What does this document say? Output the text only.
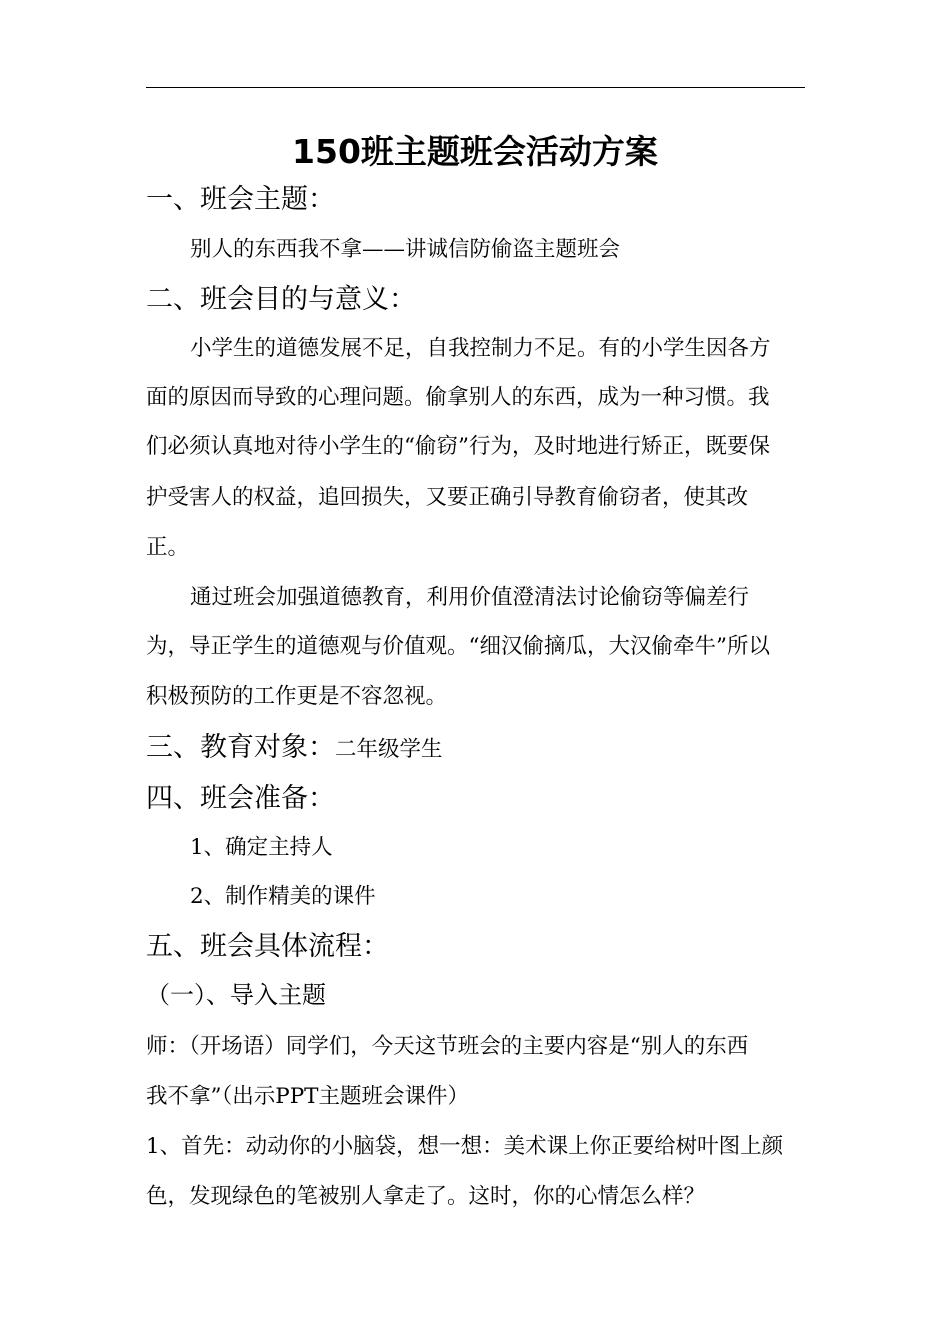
150班主题班会活动方案
一、班会主题：
别人的东西我不拿——讲诚信防偷盗主题班会
二、班会目的与意义：
小学生的道德发展不足，自我控制力不足。有的小学生因各方
面的原因而导致的心理问题。偷拿别人的东西，成为一种习惯。我
们必须认真地对待小学生的“偷窃”行为，及时地进行矫正，既要保
护受害人的权益，追回损失，又要正确引导教育偷窃者，使其改
正。
通过班会加强道德教育，利用价值澄清法讨论偷窃等偏差行
为，导正学生的道德观与价值观。“细汉偷摘瓜，大汉偷牵牛”所以
积极预防的工作更是不容忽视。
三、教育对象：二年级学生
四、班会准备：
1、确定主持人
2、制作精美的课件
五、班会具体流程：
（一）、导入主题
师：（开场语）同学们，今天这节班会的主要内容是“别人的东西
我不拿”（出示PPT主题班会课件）
1、首先：动动你的小脑袋，想一想：美术课上你正要给树叶图上颜
色，发现绿色的笔被别人拿走了。这时，你的心情怎么样？
